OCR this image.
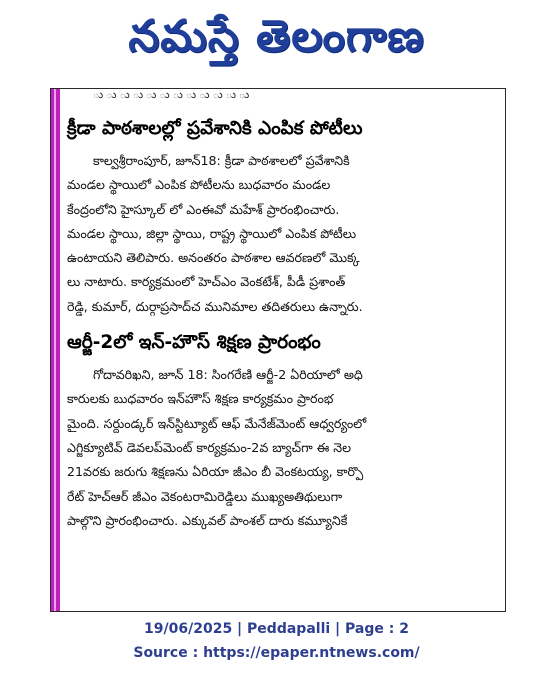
నమస్తే తెలంగాణ
ు ు ు ు ు ు ు ు ు ు ు ు
క్రీడా పాఠశాలల్లో ప్రవేశానికి ఎంపిక పోటీలు
కాల్వశ్రీరాంపూర్, జూన్18: క్రీడా పాఠశాలలో ప్రవేశానికి
మండల స్థాయిలో ఎంపిక పోటీలను బుధవారం మండల
కేంద్రంలోని హైస్కూల్ లో ఎంఈవో మహేశ్ ప్రారంభించారు.
మండల స్థాయి, జిల్లా స్థాయి, రాష్ట్ర స్థాయిలో ఎంపిక పోటీలు
ఉంటాయని తెలిపారు. అనంతరం పాఠశాల ఆవరణలో మొక్క
లు నాటారు. కార్యక్రమంలో హెచ్ఎం వెంకటేశ్, పీడీ ప్రశాంత్
రెడ్డి, కుమార్, దుర్గాప్రసాద్‌చ మునిమాల తదితరులు ఉన్నారు.
ఆర్జీ-2లో ఇన్-హౌస్ శిక్షణ ప్రారంభం
గోదావరిఖని, జూన్ 18: సింగరేణి ఆర్జీ-2 ఏరియాలో అధి
కారులకు బుధవారం ఇన్‌హౌస్ శిక్షణ కార్యక్రమం ప్రారంభ
మైంది. సర్దుండ్కర్ ఇన్‌స్టిట్యూట్ ఆఫ్ మేనేజ్‌మెంట్ ఆధ్వర్యంలో
ఎగ్జిక్యూటివ్ డెవలప్‌మెంట్ కార్యక్రమం-2వ బ్యాచ్‌గా ఈ నెల
21వరకు జరుగు శిక్షణను ఏరియా జీఎం బీ వెంకటయ్య, కార్పొ
రేట్ హెచ్ఆర్ జీఎం వెకంటరామిరెడ్డిలు ముఖ్యఅతిథులుగా
పాల్గొని ప్రారంభించారు. ఎక్కువల్ పాంశల్ దారు కమ్యూనికే
19/06/2025 | Peddapalli | Page : 2
Source : https://epaper.ntnews.com/
